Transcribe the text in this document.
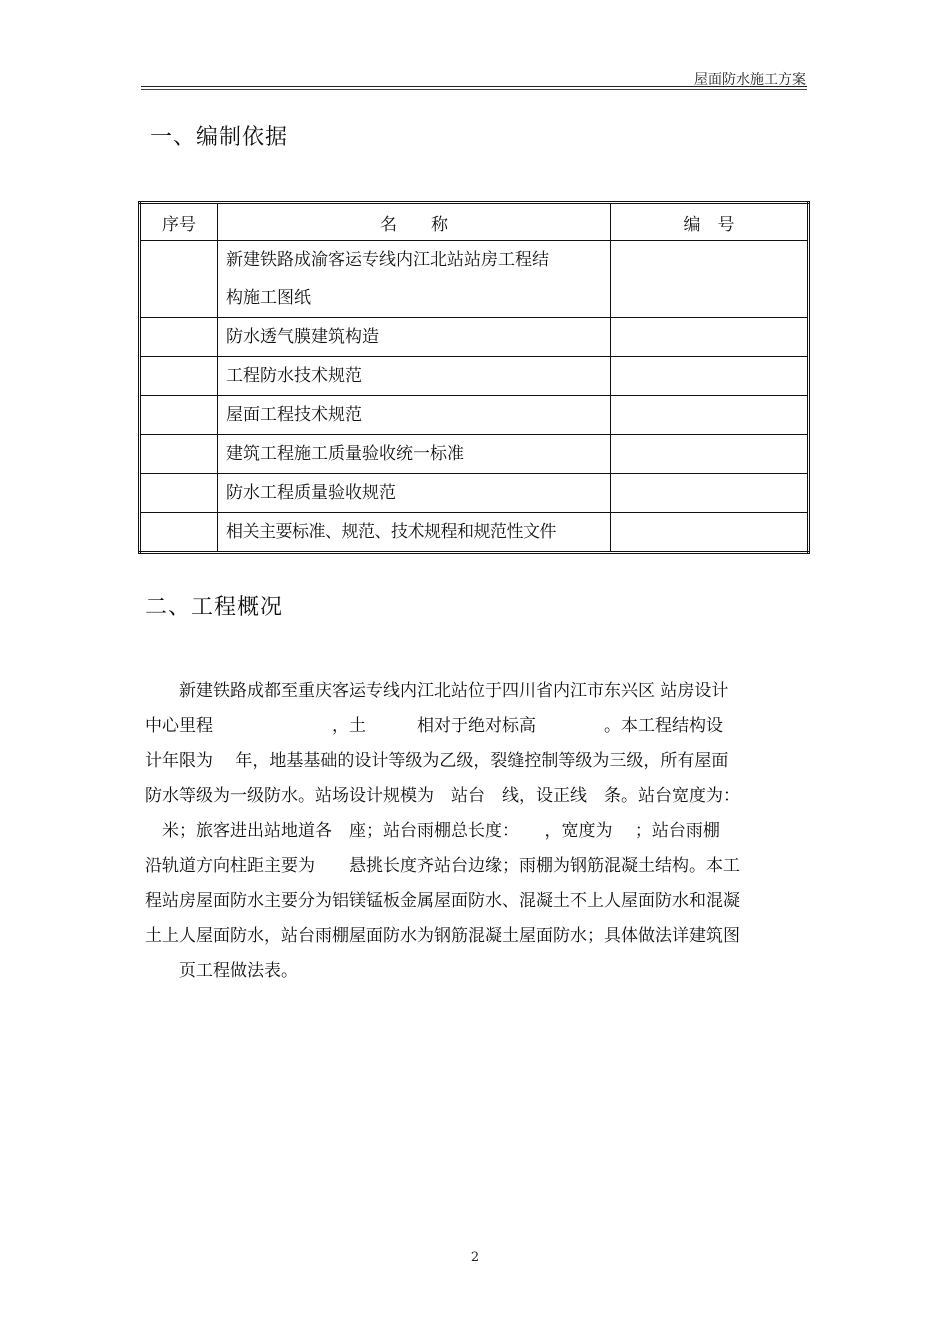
屋面防水施工方案
一、编制依据
序号	名　　称	编　号

	新建铁路成渝客运专线内江北站站房工程结
构施工图纸	

	防水透气膜建筑构造	

	工程防水技术规范	

	屋面工程技术规范	

	建筑工程施工质量验收统一标准	

	防水工程质量验收规范	

	相关主要标准、规范、技术规程和规范性文件	

二、工程概况

　　新建铁路成都至重庆客运专线内江北站位于四川省内江市东兴区 站房设计

中心里程　　　　　　　，土　　　相对于绝对标高　　　　。本工程结构设

计年限为　 年，地基基础的设计等级为乙级，裂缝控制等级为三级，所有屋面

防水等级为一级防水。站场设计规模为　站台　线，设正线　条。站台宽度为：

　米；旅客进出站地道各　座；站台雨棚总长度：　　，宽度为　 ；站台雨棚

沿轨道方向柱距主要为　　悬挑长度齐站台边缘；雨棚为钢筋混凝土结构。本工

程站房屋面防水主要分为铝镁锰板金属屋面防水、混凝土不上人屋面防水和混凝

土上人屋面防水，站台雨棚屋面防水为钢筋混凝土屋面防水；具体做法详建筑图

　　页工程做法表。

2
